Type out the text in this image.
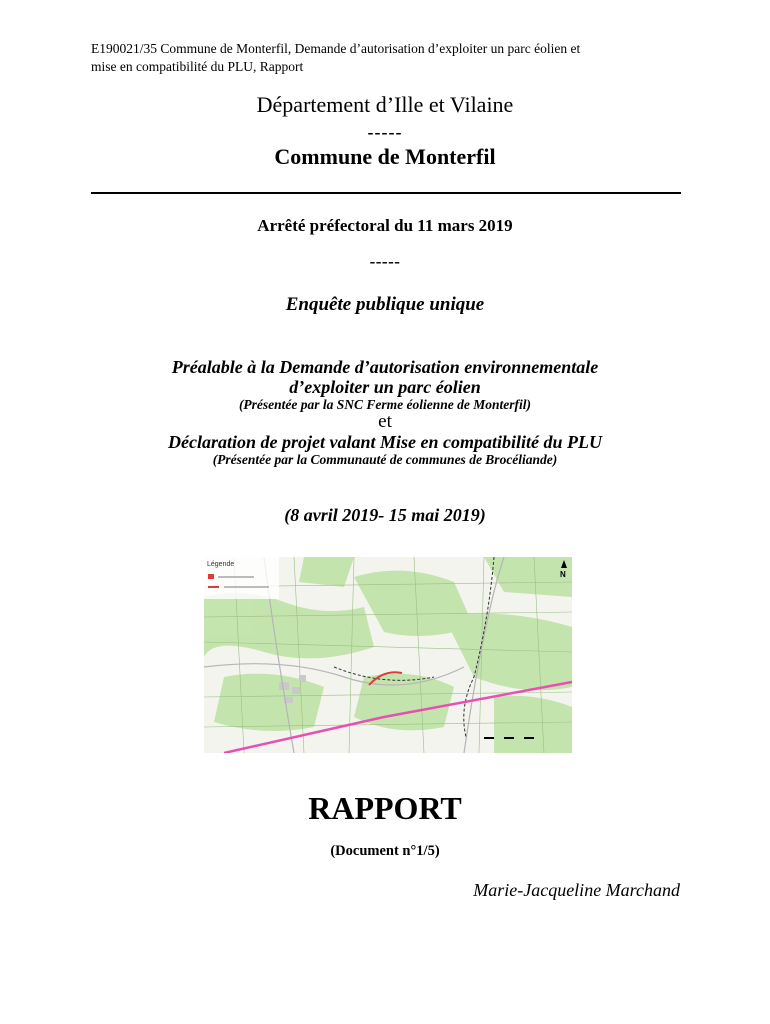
E190021/35 Commune de Monterfil, Demande d’autorisation d’exploiter un parc éolien et
mise en compatibilité du PLU, Rapport
Département d’Ille et Vilaine
-----
Commune de Monterfil
Arrêté préfectoral du 11 mars 2019
-----
Enquête publique unique
Préalable à la Demande d’autorisation environnementale
d’exploiter un parc éolien
(Présentée par la SNC Ferme éolienne de Monterfil)
et
Déclaration de projet valant Mise en compatibilité du PLU
(Présentée par la Communauté de communes de Brocéliande)
(8 avril 2019- 15 mai 2019)
Légende
N
RAPPORT
(Document n°1/5)
Marie-Jacqueline Marchand
